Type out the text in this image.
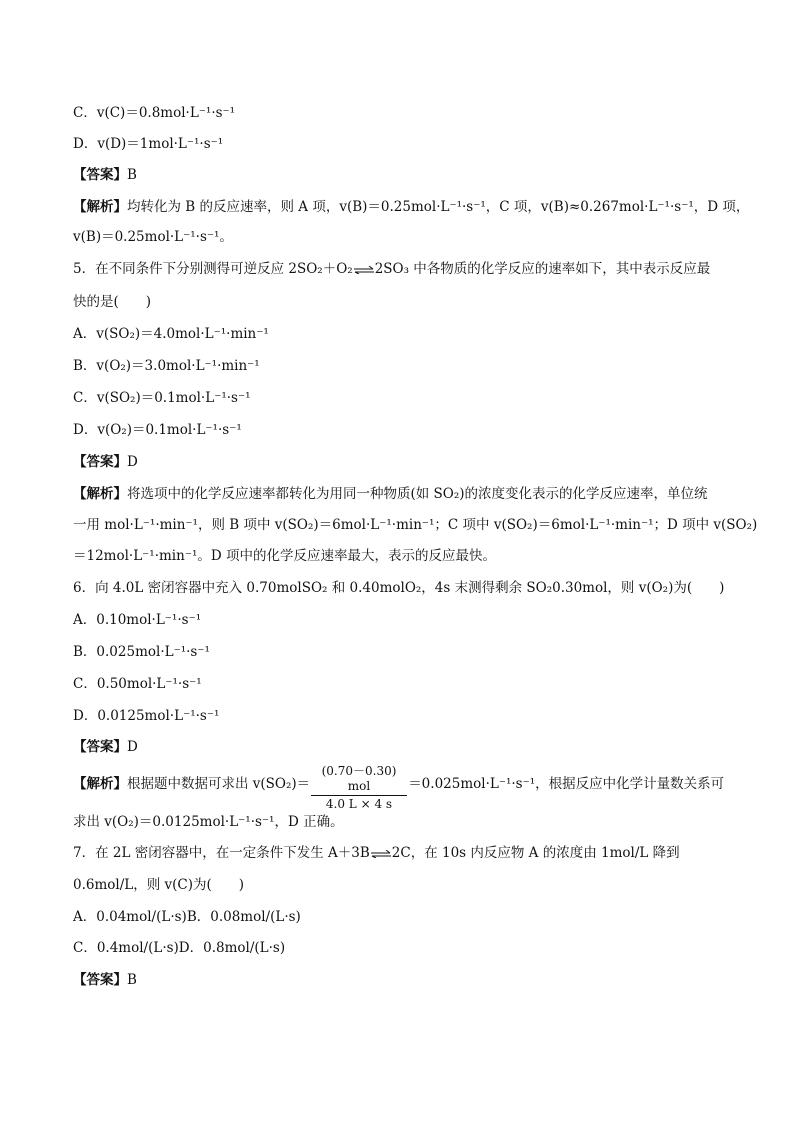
C．v(C)＝0.8mol·L⁻¹·s⁻¹
D．v(D)＝1mol·L⁻¹·s⁻¹
【答案】B
【解析】均转化为 B 的反应速率，则 A 项，v(B)＝0.25mol·L⁻¹·s⁻¹，C 项，v(B)≈0.267mol·L⁻¹·s⁻¹，D 项，
v(B)＝0.25mol·L⁻¹·s⁻¹。
5．在不同条件下分别测得可逆反应 2SO₂＋O₂⇌2SO₃ 中各物质的化学反应的速率如下，其中表示反应最
快的是(　　)
A．v(SO₂)＝4.0mol·L⁻¹·min⁻¹
B．v(O₂)＝3.0mol·L⁻¹·min⁻¹
C．v(SO₂)＝0.1mol·L⁻¹·s⁻¹
D．v(O₂)＝0.1mol·L⁻¹·s⁻¹
【答案】D
【解析】将选项中的化学反应速率都转化为用同一种物质(如 SO₂)的浓度变化表示的化学反应速率，单位统
一用 mol·L⁻¹·min⁻¹，则 B 项中 v(SO₂)＝6mol·L⁻¹·min⁻¹；C 项中 v(SO₂)＝6mol·L⁻¹·min⁻¹；D 项中 v(SO₂)
＝12mol·L⁻¹·min⁻¹。D 项中的化学反应速率最大，表示的反应最快。
6．向 4.0L 密闭容器中充入 0.70molSO₂ 和 0.40molO₂，4s 末测得剩余 SO₂0.30mol，则 v(O₂)为(　　)
A．0.10mol·L⁻¹·s⁻¹
B．0.025mol·L⁻¹·s⁻¹
C．0.50mol·L⁻¹·s⁻¹
D．0.0125mol·L⁻¹·s⁻¹
【答案】D
【解析】根据题中数据可求出 v(SO₂)＝	＝0.025mol·L⁻¹·s⁻¹，根据反应中化学计量数关系可
(0.70－0.30) mol
4.0 L × 4 s
求出 v(O₂)＝0.0125mol·L⁻¹·s⁻¹，D 正确。
7．在 2L 密闭容器中，在一定条件下发生 A＋3B⇌2C，在 10s 内反应物 A 的浓度由 1mol/L 降到
0.6mol/L，则 v(C)为(　　)
A．0.04mol/(L·s)B．0.08mol/(L·s)
C．0.4mol/(L·s)D．0.8mol/(L·s)
【答案】B
